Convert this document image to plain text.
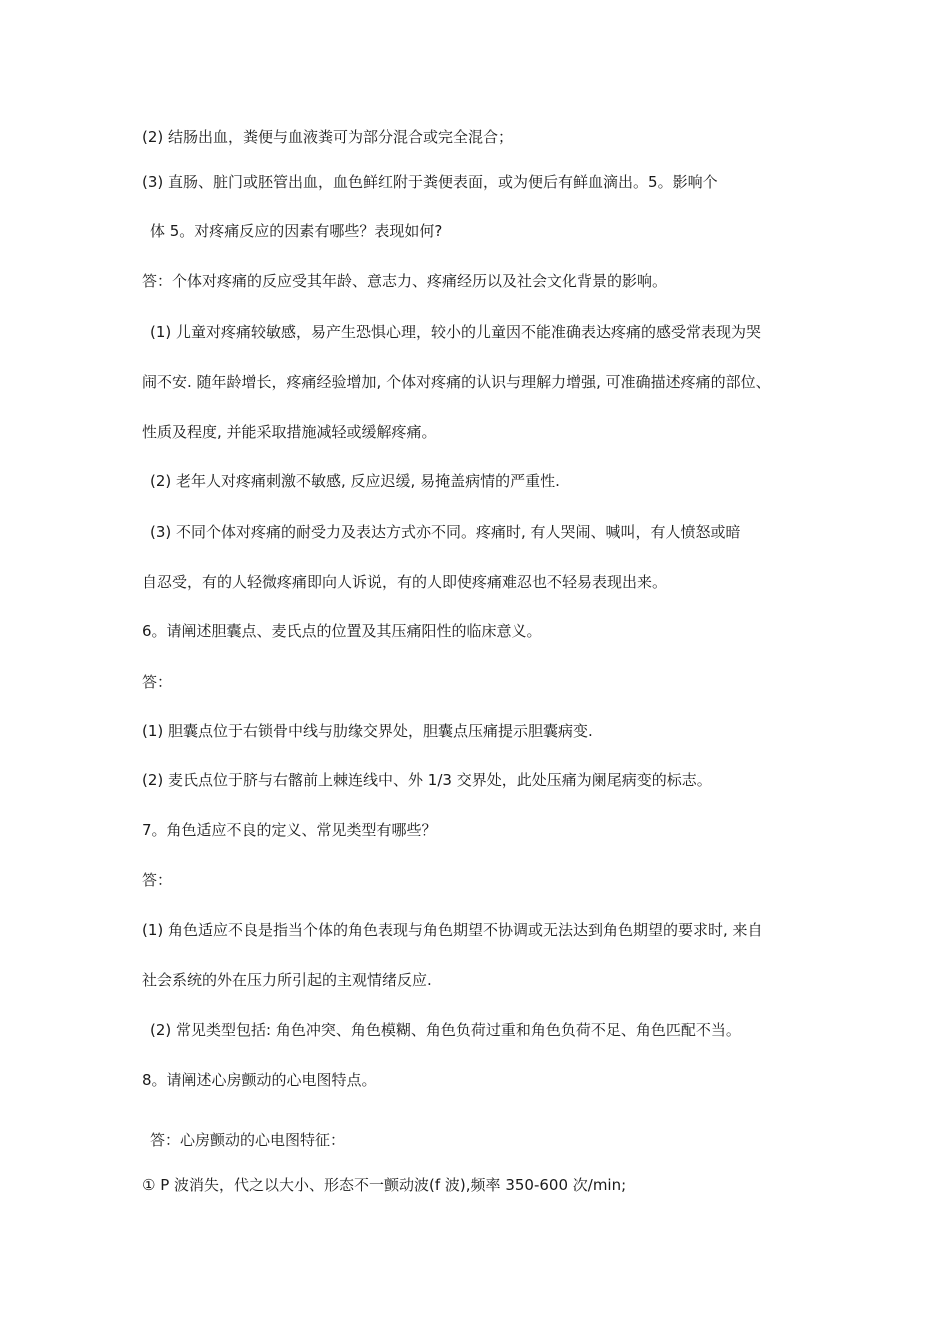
(2) 结肠出血，粪便与血液粪可为部分混合或完全混合；
(3) 直肠、脏门或胚管出血，血色鲜红附于粪便表面，或为便后有鲜血滴出。5。影响个
体 5。对疼痛反应的因素有哪些？表现如何?
答：个体对疼痛的反应受其年龄、意志力、疼痛经历以及社会文化背景的影响。
(1) 儿童对疼痛较敏感，易产生恐惧心理，较小的儿童因不能准确表达疼痛的感受常表现为哭
闹不安. 随年龄增长，疼痛经验增加, 个体对疼痛的认识与理解力增强, 可准确描述疼痛的部位、
性质及程度, 并能采取措施减轻或缓解疼痛。
(2) 老年人对疼痛刺激不敏感, 反应迟缓, 易掩盖病情的严重性.
(3) 不同个体对疼痛的耐受力及表达方式亦不同。疼痛时, 有人哭闹、喊叫，有人愤怒或暗
自忍受，有的人轻微疼痛即向人诉说，有的人即使疼痛难忍也不轻易表现出来。
6。请阐述胆囊点、麦氏点的位置及其压痛阳性的临床意义。
答：
(1) 胆囊点位于右锁骨中线与肋缘交界处，胆囊点压痛提示胆囊病变.
(2) 麦氏点位于脐与右髂前上棘连线中、外 1/3 交界处，此处压痛为阑尾病变的标志。
7。角色适应不良的定义、常见类型有哪些？
答：
(1) 角色适应不良是指当个体的角色表现与角色期望不协调或无法达到角色期望的要求时, 来自
社会系统的外在压力所引起的主观情绪反应.
(2) 常见类型包括: 角色冲突、角色模糊、角色负荷过重和角色负荷不足、角色匹配不当。
8。请阐述心房颤动的心电图特点。
答：心房颤动的心电图特征：
① P 波消失，代之以大小、形态不一颤动波(f 波),频率 350-600 次/min;
